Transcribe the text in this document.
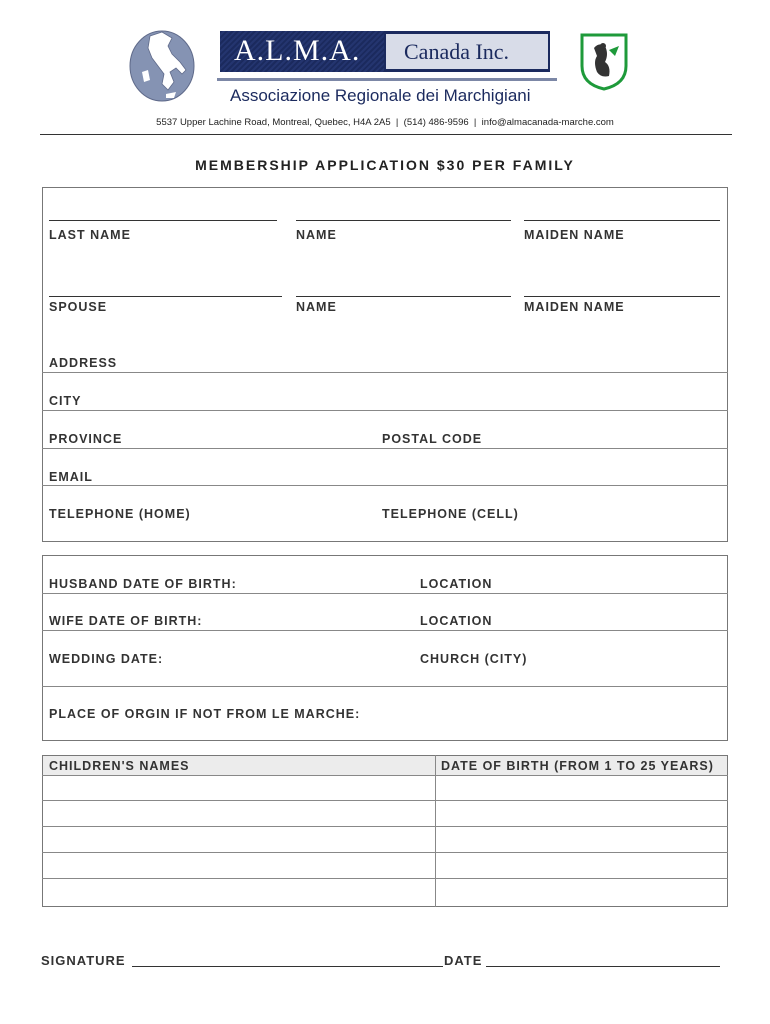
A.L.M.A. Canada Inc.
Associazione Regionale dei Marchigiani
5537 Upper Lachine Road, Montreal, Quebec, H4A 2A5  |  (514) 486-9596  |  info@almacanada-marche.com
MEMBERSHIP APPLICATION $30 PER FAMILY
LAST NAME	NAME	MAIDEN NAME
SPOUSE	NAME	MAIDEN NAME
ADDRESS
CITY
PROVINCE	POSTAL CODE
EMAIL
TELEPHONE (HOME)	TELEPHONE (CELL)
HUSBAND DATE OF BIRTH:	LOCATION
WIFE DATE OF BIRTH:	LOCATION
WEDDING DATE:	CHURCH (CITY)
PLACE OF ORGIN IF NOT FROM LE MARCHE:
CHILDREN'S NAMES	DATE OF BIRTH (FROM 1 TO 25 YEARS)
SIGNATURE	DATE
